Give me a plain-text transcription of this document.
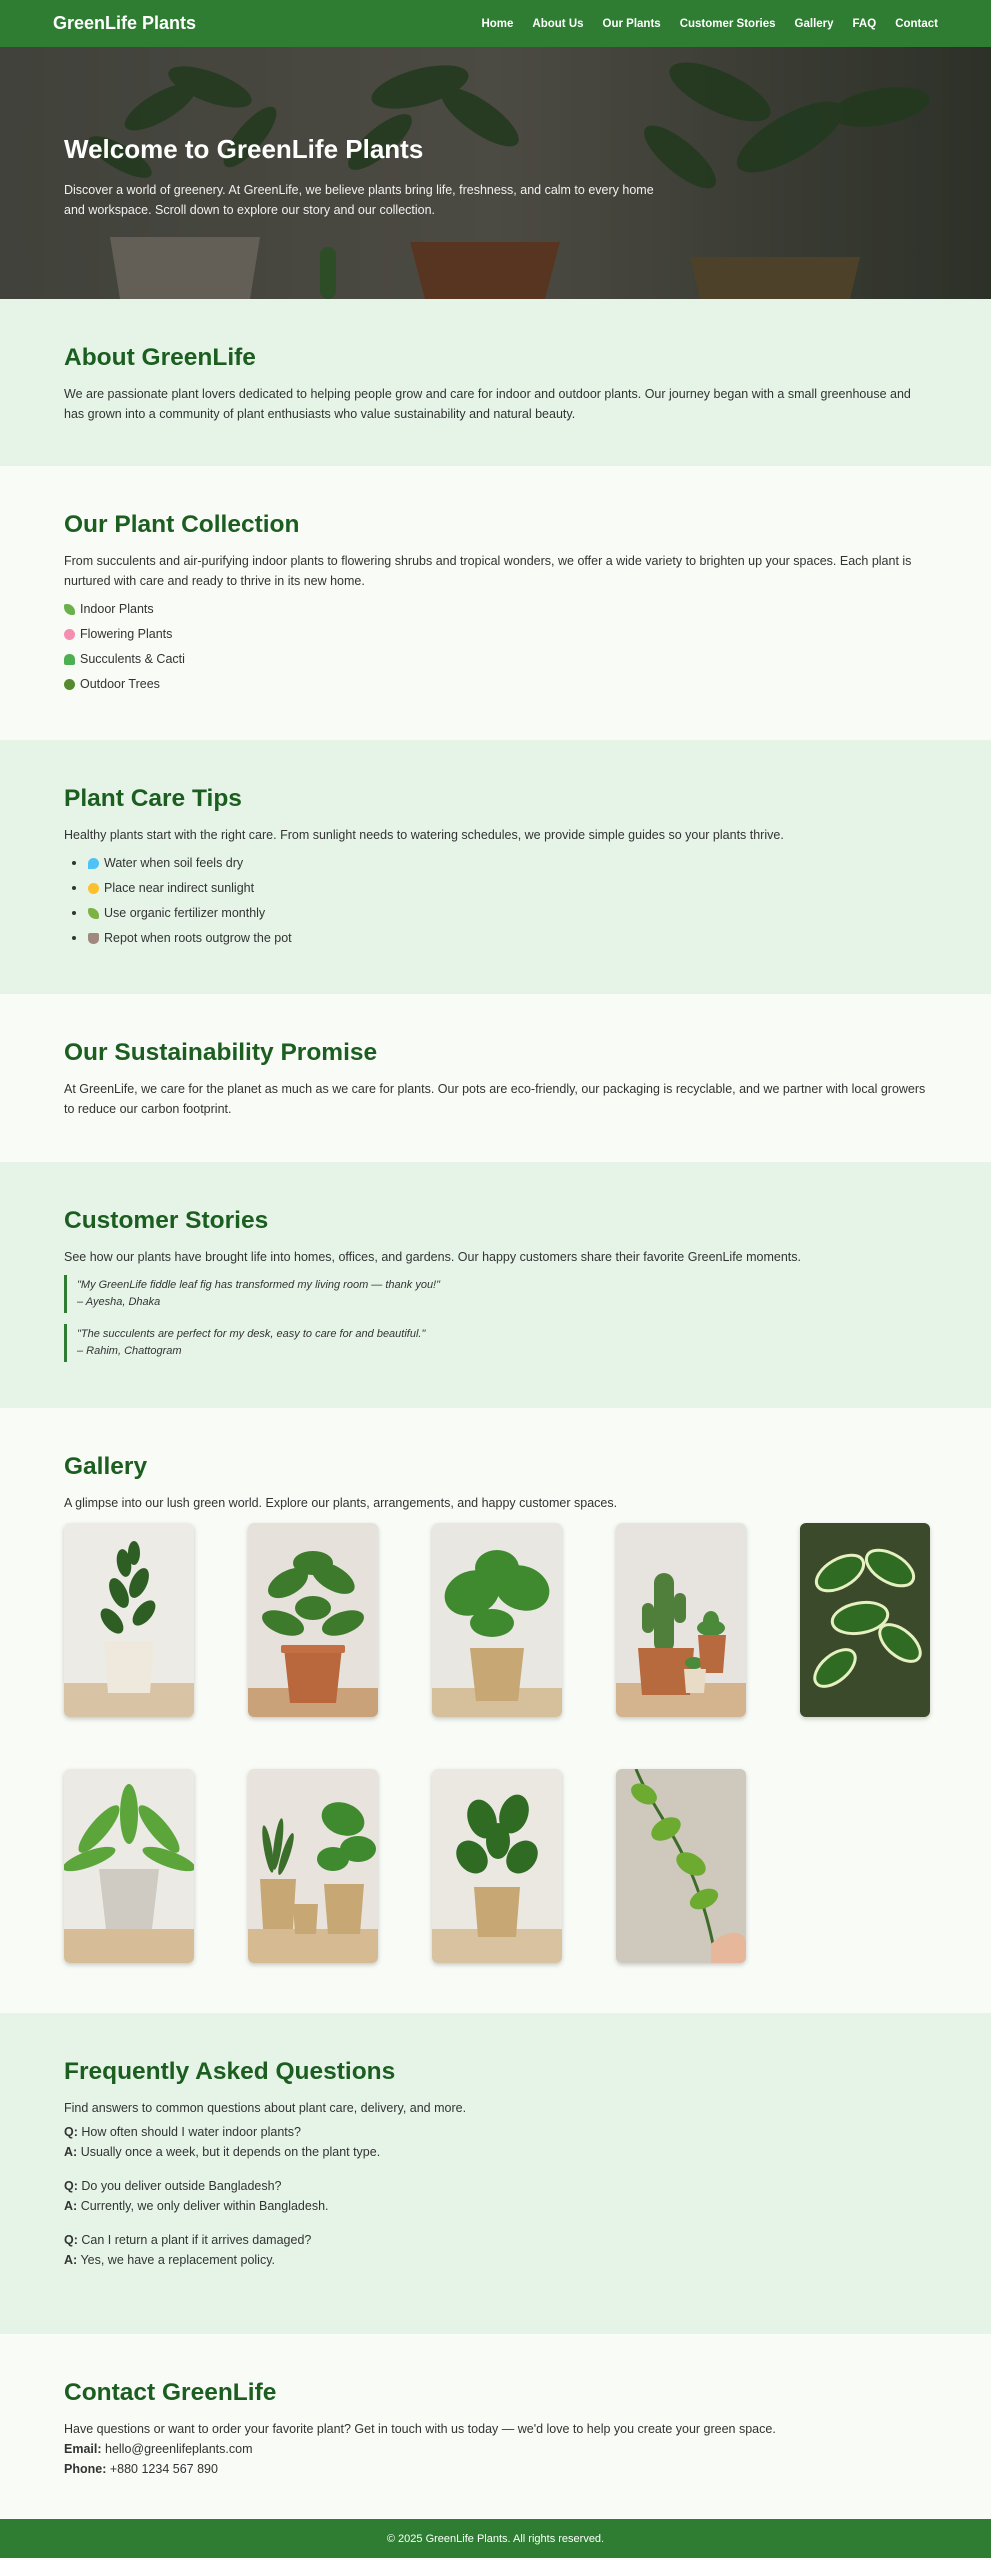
GreenLife Plants	Home About Us Our Plants Customer Stories Gallery FAQ Contact
Welcome to GreenLife Plants

Discover a world of greenery. At GreenLife, we believe plants bring life, freshness, and calm to every home and workspace. Scroll down to explore our story and our collection.

About GreenLife

We are passionate plant lovers dedicated to helping people grow and care for indoor and outdoor plants. Our journey began with a small greenhouse and has grown into a community of plant enthusiasts who value sustainability and natural beauty.

Our Plant Collection

From succulents and air-purifying indoor plants to flowering shrubs and tropical wonders, we offer a wide variety to brighten up your spaces. Each plant is nurtured with care and ready to thrive in its new home.

Indoor Plants
Flowering Plants
Succulents & Cacti
Outdoor Trees
Plant Care Tips

Healthy plants start with the right care. From sunlight needs to watering schedules, we provide simple guides so your plants thrive.

Water when soil feels dry
Place near indirect sunlight
Use organic fertilizer monthly
Repot when roots outgrow the pot
Our Sustainability Promise

At GreenLife, we care for the planet as much as we care for plants. Our pots are eco-friendly, our packaging is recyclable, and we partner with local growers to reduce our carbon footprint.

Customer Stories

See how our plants have brought life into homes, offices, and gardens. Our happy customers share their favorite GreenLife moments.

"My GreenLife fiddle leaf fig has transformed my living room — thank you!"
– Ayesha, Dhaka
"The succulents are perfect for my desk, easy to care for and beautiful."
– Rahim, Chattogram
Gallery

A glimpse into our lush green world. Explore our plants, arrangements, and happy customer spaces.

Frequently Asked Questions

Find answers to common questions about plant care, delivery, and more.

Q: How often should I water indoor plants?

A: Usually once a week, but it depends on the plant type.

Q: Do you deliver outside Bangladesh?

A: Currently, we only deliver within Bangladesh.

Q: Can I return a plant if it arrives damaged?

A: Yes, we have a replacement policy.

Contact GreenLife

Have questions or want to order your favorite plant? Get in touch with us today — we'd love to help you create your green space.

Email: hello@greenlifeplants.com

Phone: +880 1234 567 890

© 2025 GreenLife Plants. All rights reserved.
